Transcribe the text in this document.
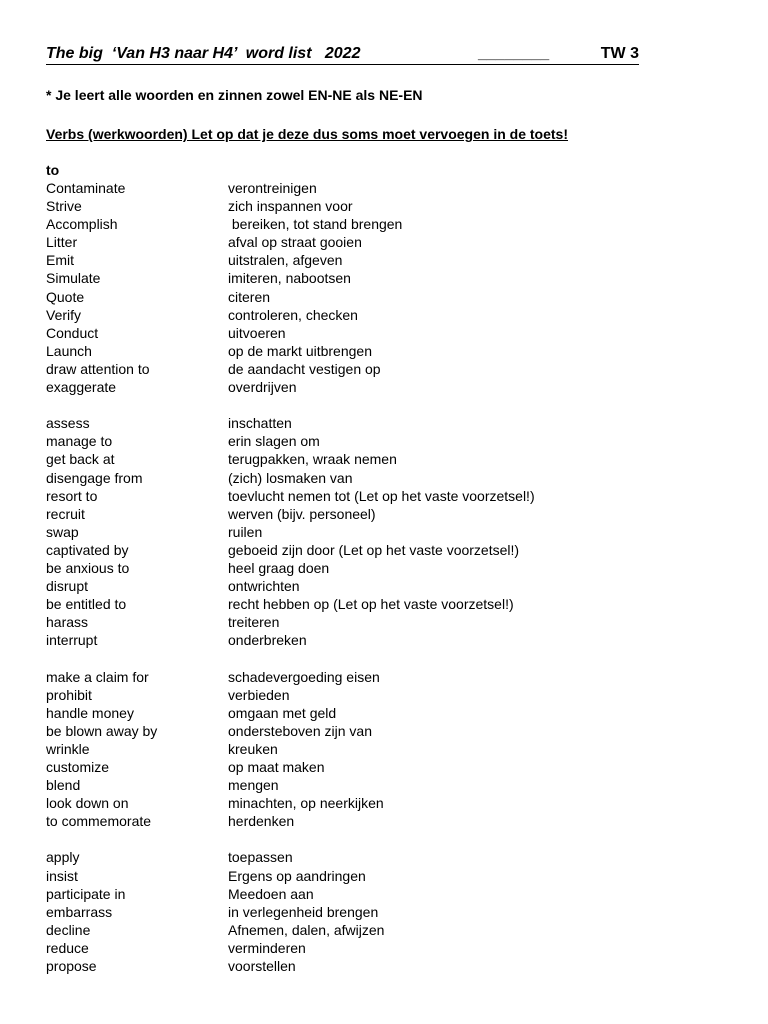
The big  ‘Van H3 naar H4’  word list   2022	________	TW 3
* Je leert alle woorden en zinnen zowel EN-NE als NE-EN
Verbs (werkwoorden) Let op dat je deze dus soms moet vervoegen in de toets!
to
Contaminate	verontreinigen
Strive	zich inspannen voor
Accomplish	bereiken, tot stand brengen
Litter	afval op straat gooien
Emit	uitstralen, afgeven
Simulate	imiteren, nabootsen
Quote	citeren
Verify	controleren, checken
Conduct	uitvoeren
Launch	op de markt uitbrengen
draw attention to	de aandacht vestigen op
exaggerate	overdrijven
assess	inschatten
manage to	erin slagen om
get back at	terugpakken, wraak nemen
disengage from	(zich) losmaken van
resort to	toevlucht nemen tot (Let op het vaste voorzetsel!)
recruit	werven (bijv. personeel)
swap	ruilen
captivated by	geboeid zijn door (Let op het vaste voorzetsel!)
be anxious to	heel graag doen
disrupt	ontwrichten
be entitled to	recht hebben op (Let op het vaste voorzetsel!)
harass	treiteren
interrupt	onderbreken
make a claim for	schadevergoeding eisen
prohibit	verbieden
handle money	omgaan met geld
be blown away by	ondersteboven zijn van
wrinkle	kreuken
customize	op maat maken
blend	mengen
look down on	minachten, op neerkijken
to commemorate	herdenken
apply	toepassen
insist	Ergens op aandringen
participate in	Meedoen aan
embarrass	in verlegenheid brengen
decline	Afnemen, dalen, afwijzen
reduce	verminderen
propose	voorstellen
